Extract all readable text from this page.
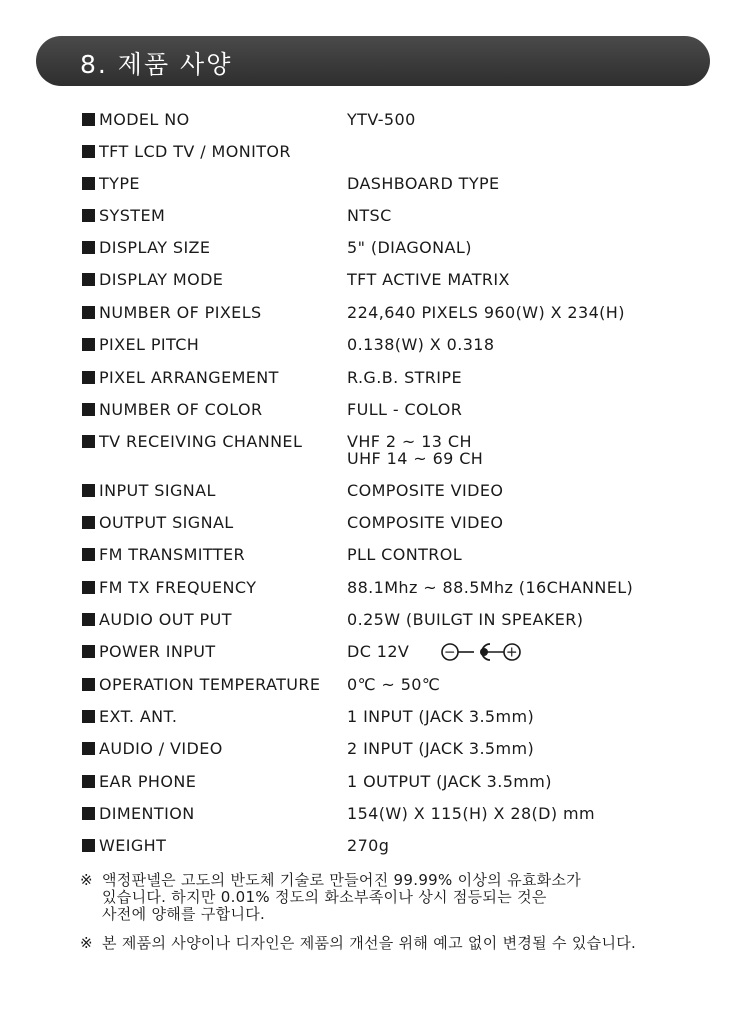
8. 제품 사양
MODEL NO	YTV-500
TFT LCD TV / MONITOR
TYPE	DASHBOARD TYPE
SYSTEM	NTSC
DISPLAY SIZE	5" (DIAGONAL)
DISPLAY MODE	TFT ACTIVE MATRIX
NUMBER OF PIXELS	224,640 PIXELS 960(W) X 234(H)
PIXEL PITCH	0.138(W) X 0.318
PIXEL ARRANGEMENT	R.G.B. STRIPE
NUMBER OF COLOR	FULL - COLOR
TV RECEIVING CHANNEL	VHF 2 ~ 13 CH
UHF 14 ~ 69 CH
INPUT SIGNAL	COMPOSITE VIDEO
OUTPUT SIGNAL	COMPOSITE VIDEO
FM TRANSMITTER	PLL CONTROL
FM TX FREQUENCY	88.1Mhz ~ 88.5Mhz (16CHANNEL)
AUDIO OUT PUT	0.25W (BUILGT IN SPEAKER)
POWER INPUT	DC 12V −	+
OPERATION TEMPERATURE 0℃ ~ 50℃
EXT. ANT.	1 INPUT (JACK 3.5mm)
AUDIO / VIDEO	2 INPUT (JACK 3.5mm)
EAR PHONE	1 OUTPUT (JACK 3.5mm)
DIMENTION	154(W) X 115(H) X 28(D) mm
WEIGHT	270g
※ 액정판넬은 고도의 반도체 기술로 만들어진 99.99% 이상의 유효화소가
있습니다. 하지만 0.01% 정도의 화소부족이나 상시 점등되는 것은
사전에 양해를 구합니다.
※ 본 제품의 사양이나 디자인은 제품의 개선을 위해 예고 없이 변경될 수 있습니다.
